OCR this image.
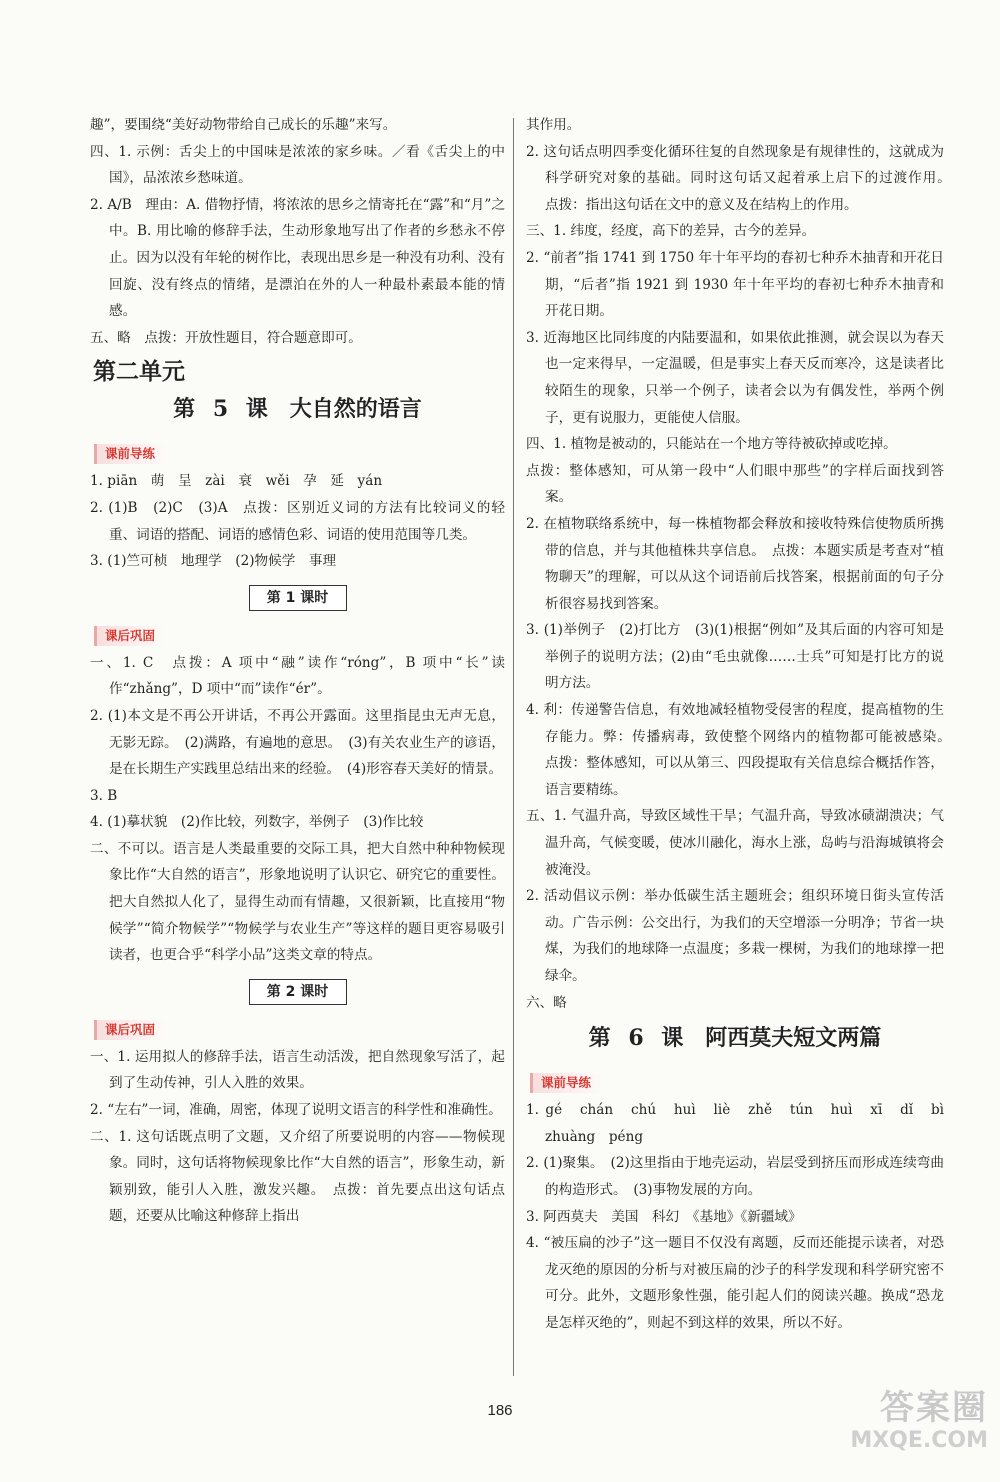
趣”，要围绕“美好动物带给自己成长的乐趣”来写。

四、1. 示例：舌尖上的中国味是浓浓的家乡味。／看《舌尖上的中国》，品浓浓乡愁味道。

2. A/B　理由：A. 借物抒情，将浓浓的思乡之情寄托在“露”和“月”之中。B. 用比喻的修辞手法，生动形象地写出了作者的乡愁永不停止。因为以没有年轮的树作比，表现出思乡是一种没有功利、没有回旋、没有终点的情绪，是漂泊在外的人一种最朴素最本能的情感。

五、略　点拨：开放性题目，符合题意即可。

第二单元
第 5 课　大自然的语言
课前导练

1. piān　萌　呈　zài　衰　wěi　孕　延　yán

2. (1)B　(2)C　(3)A　点拨：区别近义词的方法有比较词义的轻重、词语的搭配、词语的感情色彩、词语的使用范围等几类。

3. (1)竺可桢　地理学　(2)物候学　事理

第 1 课时
课后巩固

一、1. C　点拨：A 项中“融”读作“róng”，B 项中“长”读作“zhǎng”，D 项中“而”读作“ér”。

2. (1)本文是不再公开讲话，不再公开露面。这里指昆虫无声无息，无影无踪。　(2)满路，有遍地的意思。　(3)有关农业生产的谚语，是在长期生产实践里总结出来的经验。　(4)形容春天美好的情景。

3. B

4. (1)摹状貌　(2)作比较，列数字，举例子　(3)作比较

二、不可以。语言是人类最重要的交际工具，把大自然中种种物候现象比作“大自然的语言”，形象地说明了认识它、研究它的重要性。把大自然拟人化了，显得生动而有情趣，又很新颖，比直接用“物候学”“简介物候学”“物候学与农业生产”等这样的题目更容易吸引读者，也更合乎“科学小品”这类文章的特点。

第 2 课时
课后巩固

一、1. 运用拟人的修辞手法，语言生动活泼，把自然现象写活了，起到了生动传神，引人入胜的效果。

2. “左右”一词，准确，周密，体现了说明文语言的科学性和准确性。

二、1. 这句话既点明了文题，又介绍了所要说明的内容——物候现象。同时，这句话将物候现象比作“大自然的语言”，形象生动，新颖别致，能引人入胜，激发兴趣。　点拨：首先要点出这句话点题，还要从比喻这种修辞上指出

其作用。

2. 这句话点明四季变化循环往复的自然现象是有规律性的，这就成为科学研究对象的基础。同时这句话又起着承上启下的过渡作用。　点拨：指出这句话在文中的意义及在结构上的作用。

三、1. 纬度，经度，高下的差异，古今的差异。

2. “前者”指 1741 到 1750 年十年平均的春初七种乔木抽青和开花日期，“后者”指 1921 到 1930 年十年平均的春初七种乔木抽青和开花日期。

3. 近海地区比同纬度的内陆要温和，如果依此推测，就会误以为春天也一定来得早，一定温暖，但是事实上春天反而寒冷，这是读者比较陌生的现象，只举一个例子，读者会以为有偶发性，举两个例子，更有说服力，更能使人信服。

四、1. 植物是被动的，只能站在一个地方等待被砍掉或吃掉。

点拨：整体感知，可从第一段中“人们眼中那些”的字样后面找到答案。

2. 在植物联络系统中，每一株植物都会释放和接收特殊信使物质所携带的信息，并与其他植株共享信息。　点拨：本题实质是考查对“植物聊天”的理解，可以从这个词语前后找答案，根据前面的句子分析很容易找到答案。

3. (1)举例子　(2)打比方　(3)(1)根据“例如”及其后面的内容可知是举例子的说明方法；(2)由“毛虫就像……士兵”可知是打比方的说明方法。

4. 利：传递警告信息，有效地减轻植物受侵害的程度，提高植物的生存能力。弊：传播病毒，致使整个网络内的植物都可能被感染。　点拨：整体感知，可以从第三、四段提取有关信息综合概括作答，语言要精练。

五、1. 气温升高，导致区域性干旱；气温升高，导致冰碛湖溃决；气温升高，气候变暖，使冰川融化，海水上涨，岛屿与沿海城镇将会被淹没。

2. 活动倡议示例：举办低碳生活主题班会；组织环境日街头宣传活动。广告示例：公交出行，为我们的天空增添一分明净；节省一块煤，为我们的地球降一点温度；多栽一棵树，为我们的地球撑一把绿伞。

六、略

第 6 课　阿西莫夫短文两篇
课前导练

1. gé　chán　chú　huì　liè　zhě　tún　huì　xī　dǐ　bì　zhuàng　péng

2. (1)聚集。　(2)这里指由于地壳运动，岩层受到挤压而形成连续弯曲的构造形式。　(3)事物发展的方向。

3. 阿西莫夫　美国　科幻　《基地》《新疆域》

4. “被压扁的沙子”这一题目不仅没有离题，反而还能提示读者，对恐龙灭绝的原因的分析与对被压扁的沙子的科学发现和科学研究密不可分。此外，文题形象性强，能引起人们的阅读兴趣。换成“恐龙是怎样灭绝的”，则起不到这样的效果，所以不好。

186	答案圈
MXQE.COM
